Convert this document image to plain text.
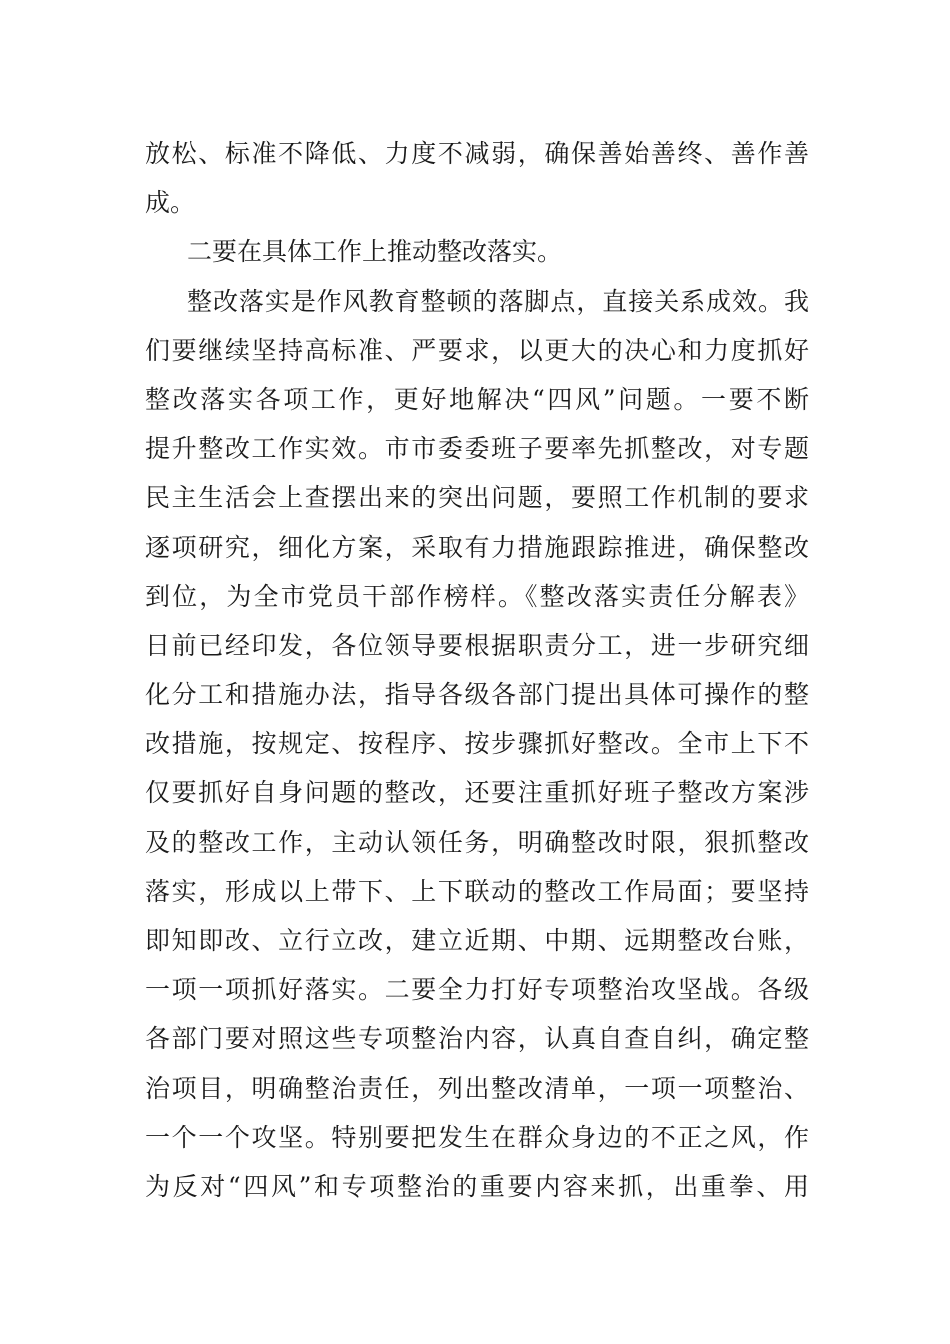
放松、标准不降低、力度不减弱，确保善始善终、善作善
成。
二要在具体工作上推动整改落实。
整改落实是作风教育整顿的落脚点，直接关系成效。我
们要继续坚持高标准、严要求，以更大的决心和力度抓好
整改落实各项工作，更好地解决“四风”问题。一要不断
提升整改工作实效。市市委委班子要率先抓整改，对专题
民主生活会上查摆出来的突出问题，要照工作机制的要求
逐项研究，细化方案，采取有力措施跟踪推进，确保整改
到位，为全市党员干部作榜样。《整改落实责任分解表》
日前已经印发，各位领导要根据职责分工，进一步研究细
化分工和措施办法，指导各级各部门提出具体可操作的整
改措施，按规定、按程序、按步骤抓好整改。全市上下不
仅要抓好自身问题的整改，还要注重抓好班子整改方案涉
及的整改工作，主动认领任务，明确整改时限，狠抓整改
落实，形成以上带下、上下联动的整改工作局面；要坚持
即知即改、立行立改，建立近期、中期、远期整改台账，
一项一项抓好落实。二要全力打好专项整治攻坚战。各级
各部门要对照这些专项整治内容，认真自查自纠，确定整
治项目，明确整治责任，列出整改清单，一项一项整治、
一个一个攻坚。特别要把发生在群众身边的不正之风，作
为反对“四风”和专项整治的重要内容来抓，出重拳、用
